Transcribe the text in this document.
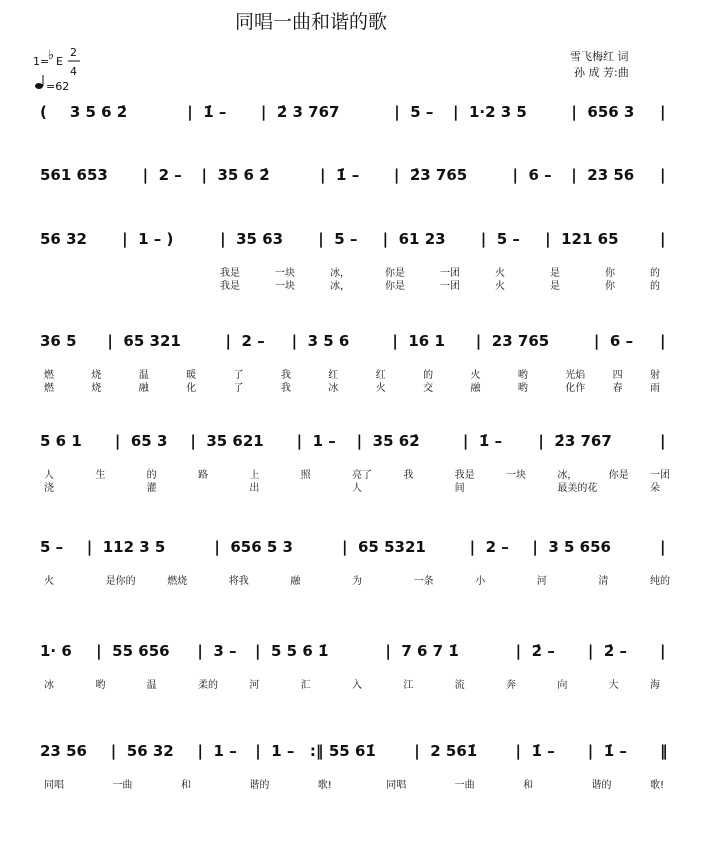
同唱一曲和谐的歌
1=
♭ E
2
4
=62
雪飞梅红 词
孙 成 芳:曲
( 3 5 6 2̇	| 1̇ – | 2̇ 3 767	| 5 – | 1·2 3 5	| 656 3 |
561 653 | 2 – | 35 6 2̇	| 1̇ – | 2̇3 765	| 6 – | 23 56 |
56 32 | 1 – )	| 35 63 | 5 – | 61 23 | 5 – | 121 65	|
我是	一块	冰，	你是	一团	火	是	你	的
我是	一块	冰，	你是	一团	火	是	你	的
36 5 | 65 321	| 2 – | 3 5 6	| 16 1 | 23 765	| 6 – |
燃	烧	温	暖	了	我	红	红	的	火	哟	光焰	四	射
燃	烧	融	化	了	我	冰	火	交	融	哟	化作	春	雨
5 6 1 | 65 3 | 35 621 | 1 – | 35 62̇	| 1̇ – | 2̇3 767	|
人	生	的	路	上	照	亮了	我	我是	一块	冰，	你是 一团
浇	灌	出	人	间	最美的花	朵
5 – | 112 3 5	| 656 5 3	| 65 5321	| 2 – | 3 5 656	|
火	是你的	燃烧	将我	融	为	一条	小	河	清	纯的
1· 6 | 55 656 | 3 – | 5 5 6 1̇	| 7 6 7 1̇	| 2̇ – | 2̇ – |
冰	哟	温	柔的	河	汇	入	江	流	奔	向	大	海
23 56 | 56 32 | 1 – | 1 – :‖ 55 61̇	| 2 561̇	| 1̇ – | 1̇ – ‖
同唱	一曲	和	谐的	歌!	同唱	一曲	和	谐的	歌!
